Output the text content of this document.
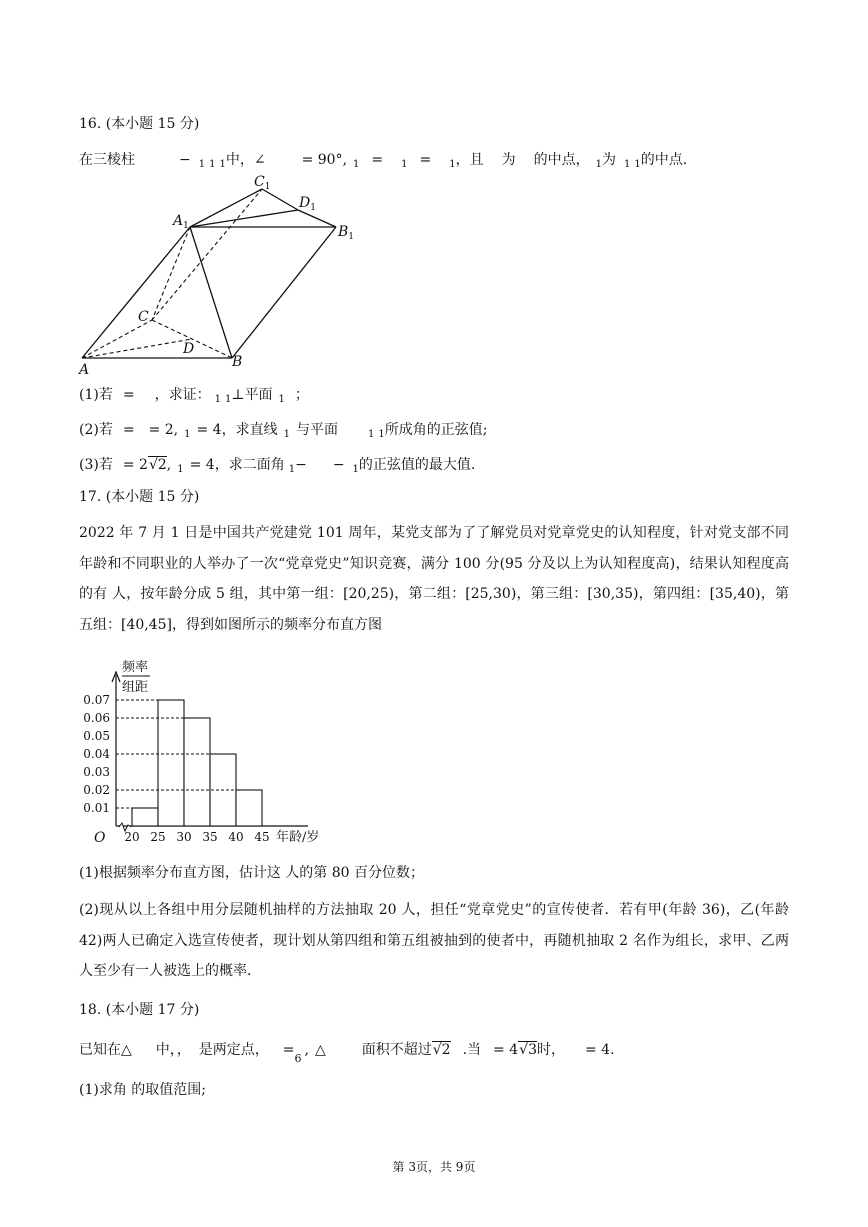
16. (本小题 15 分)
在三棱柱	− $_1$ $_1$ $_1$中，∠	= 90°, $_1$ = $_1$ = $_1$，且 为 的中点， $_1$为 $_1$ $_1$的中点.
$C_1$
$D_1$
$A_1$	$B_1$
C
D
A	B
(1)若 = ，求证： $_1$ $_1$⊥平面 $_1$ ；
(2)若 = = 2, $_1$ = 4，求直线 $_1$ 与平面	$_1$ $_1$所成角的正弦值;
(3)若 = 2√2, $_1$ = 4，求二面角 $_1$− − $_1$的正弦值的最大值.
17. (本小题 15 分)
2022 年 7 月 1 日是中国共产党建党 101 周年，某党支部为了了解党员对党章党史的认知程度，针对党支部不同年龄和不同职业的人举办了一次“党章党史”知识竞赛，满分 100 分(95 分及以上为认知程度高)，结果认知程度高的有 人，按年龄分成 5 组，其中第一组：[20,25)，第二组：[25,30)，第三组：[30,35)，第四组：[35,40)，第五组：[40,45]，得到如图所示的频率分布直方图
0.07
0.06
0.05
0.04
0.03
0.02
0.01
20 25 30 35 40 45
O
频率
组距
年龄/岁
(1)根据频率分布直方图，估计这 人的第 80 百分位数；
(2)现从以上各组中用分层随机抽样的方法抽取 20 人，担任“党章党史”的宣传使者．若有甲(年龄 36)，乙(年龄 42)两人已确定入选宣传使者，现计划从第四组和第五组被抽到的使者中，再随机抽取 2 名作为组长，求甲、乙两人至少有一人被选上的概率.
18. (本小题 17 分)
已知在△ 中，， 是两定点， =6, △	面积不超过√2 .当 = 4√3时， = 4.
(1)求角 的取值范围;
第 3页，共 9页
